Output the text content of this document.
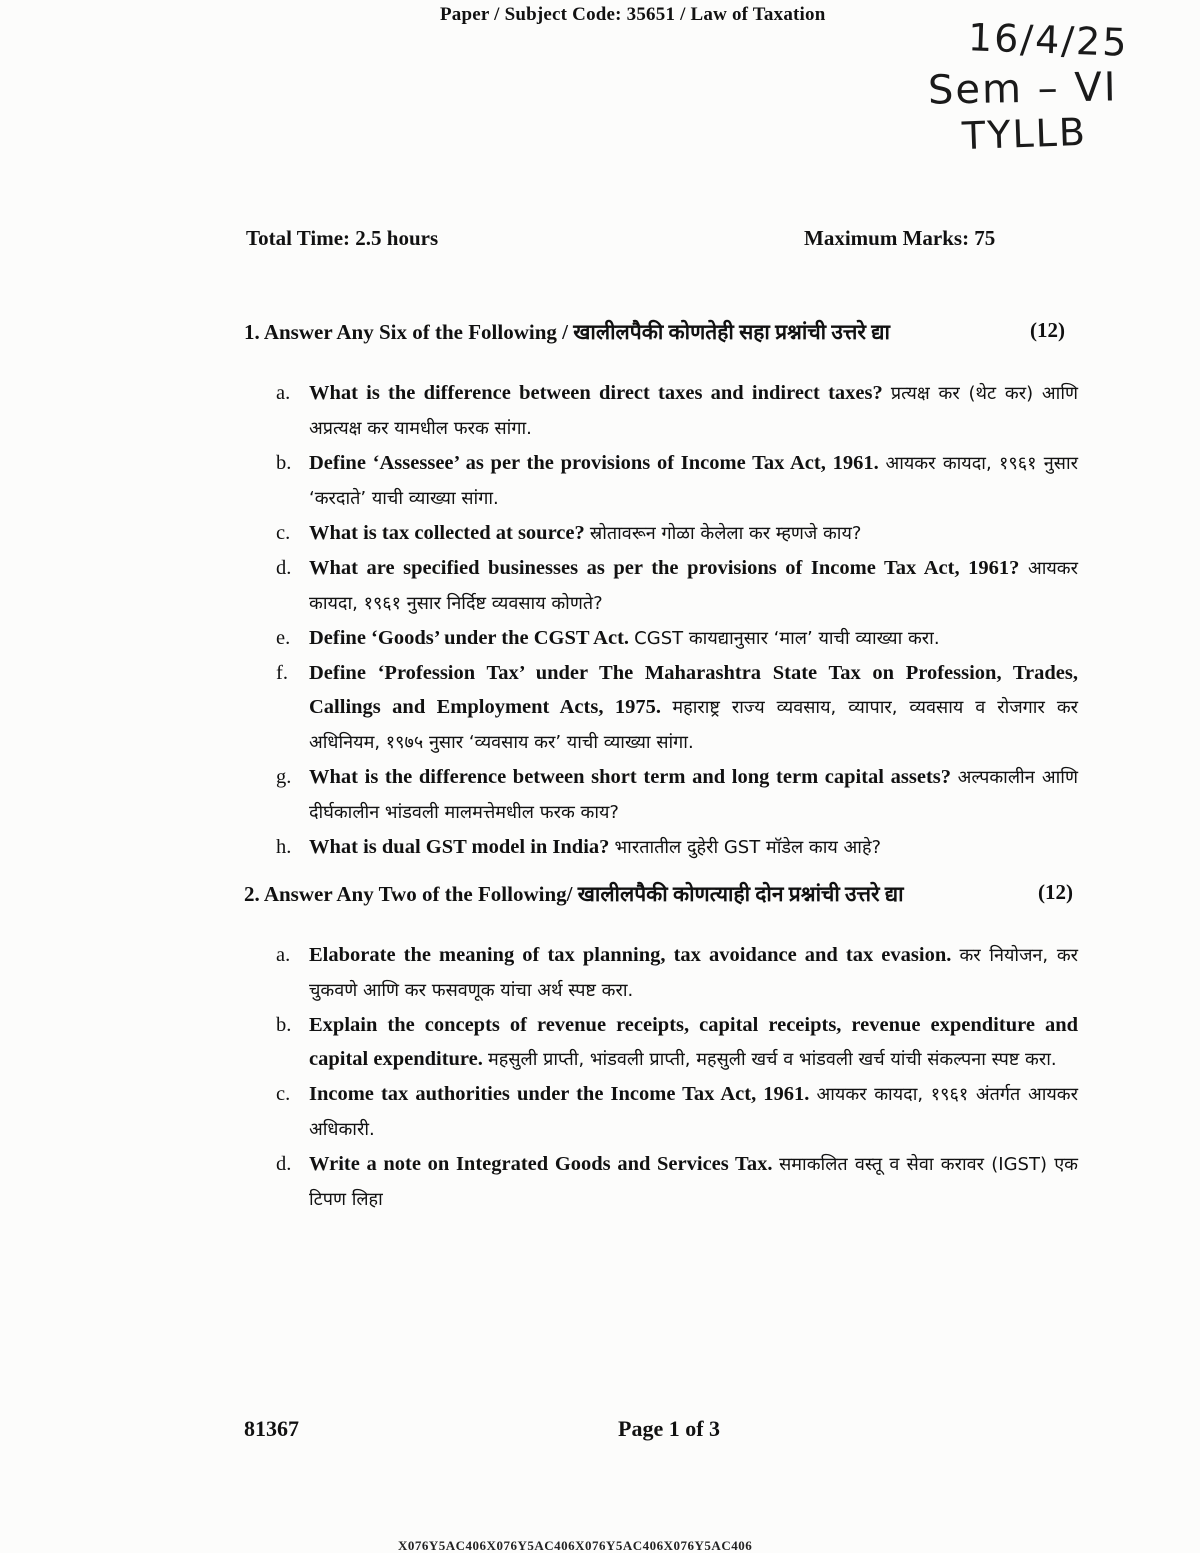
Paper / Subject Code: 35651 / Law of Taxation
16/4/25
Sem – VI
TYLLB
Total Time: 2.5 hours	Maximum Marks: 75
1. Answer Any Six of the Following / खालीलपैकी कोणतेही सहा प्रश्नांची उत्तरे द्या	(12)
a. What is the difference between direct taxes and indirect taxes? प्रत्यक्ष कर (थेट कर) आणि अप्रत्यक्ष कर यामधील फरक सांगा.
b. Define ‘Assessee’ as per the provisions of Income Tax Act, 1961. आयकर कायदा, १९६१ नुसार ‘करदाते’ याची व्याख्या सांगा.
c. What is tax collected at source? स्रोतावरून गोळा केलेला कर म्हणजे काय?
d. What are specified businesses as per the provisions of Income Tax Act, 1961? आयकर कायदा, १९६१ नुसार निर्दिष्ट व्यवसाय कोणते?
e. Define ‘Goods’ under the CGST Act. CGST कायद्यानुसार ‘माल’ याची व्याख्या करा.
f. Define ‘Profession Tax’ under The Maharashtra State Tax on Profession, Trades, Callings and Employment Acts, 1975. महाराष्ट्र राज्य व्यवसाय, व्यापार, व्यवसाय व रोजगार कर अधिनियम, १९७५ नुसार ‘व्यवसाय कर’ याची व्याख्या सांगा.
g. What is the difference between short term and long term capital assets? अल्पकालीन आणि दीर्घकालीन भांडवली मालमत्तेमधील फरक काय?
h. What is dual GST model in India? भारतातील दुहेरी GST मॉडेल काय आहे?
2. Answer Any Two of the Following/ खालीलपैकी कोणत्याही दोन प्रश्नांची उत्तरे द्या	(12)
a. Elaborate the meaning of tax planning, tax avoidance and tax evasion. कर नियोजन, कर चुकवणे आणि कर फसवणूक यांचा अर्थ स्पष्ट करा.
b. Explain the concepts of revenue receipts, capital receipts, revenue expenditure and capital expenditure. महसुली प्राप्ती, भांडवली प्राप्ती, महसुली खर्च व भांडवली खर्च यांची संकल्पना स्पष्ट करा.
c. Income tax authorities under the Income Tax Act, 1961. आयकर कायदा, १९६१ अंतर्गत आयकर अधिकारी.
d. Write a note on Integrated Goods and Services Tax. समाकलित वस्तू व सेवा करावर (IGST) एक टिपण लिहा
81367	Page 1 of 3
X076Y5AC406X076Y5AC406X076Y5AC406X076Y5AC406
